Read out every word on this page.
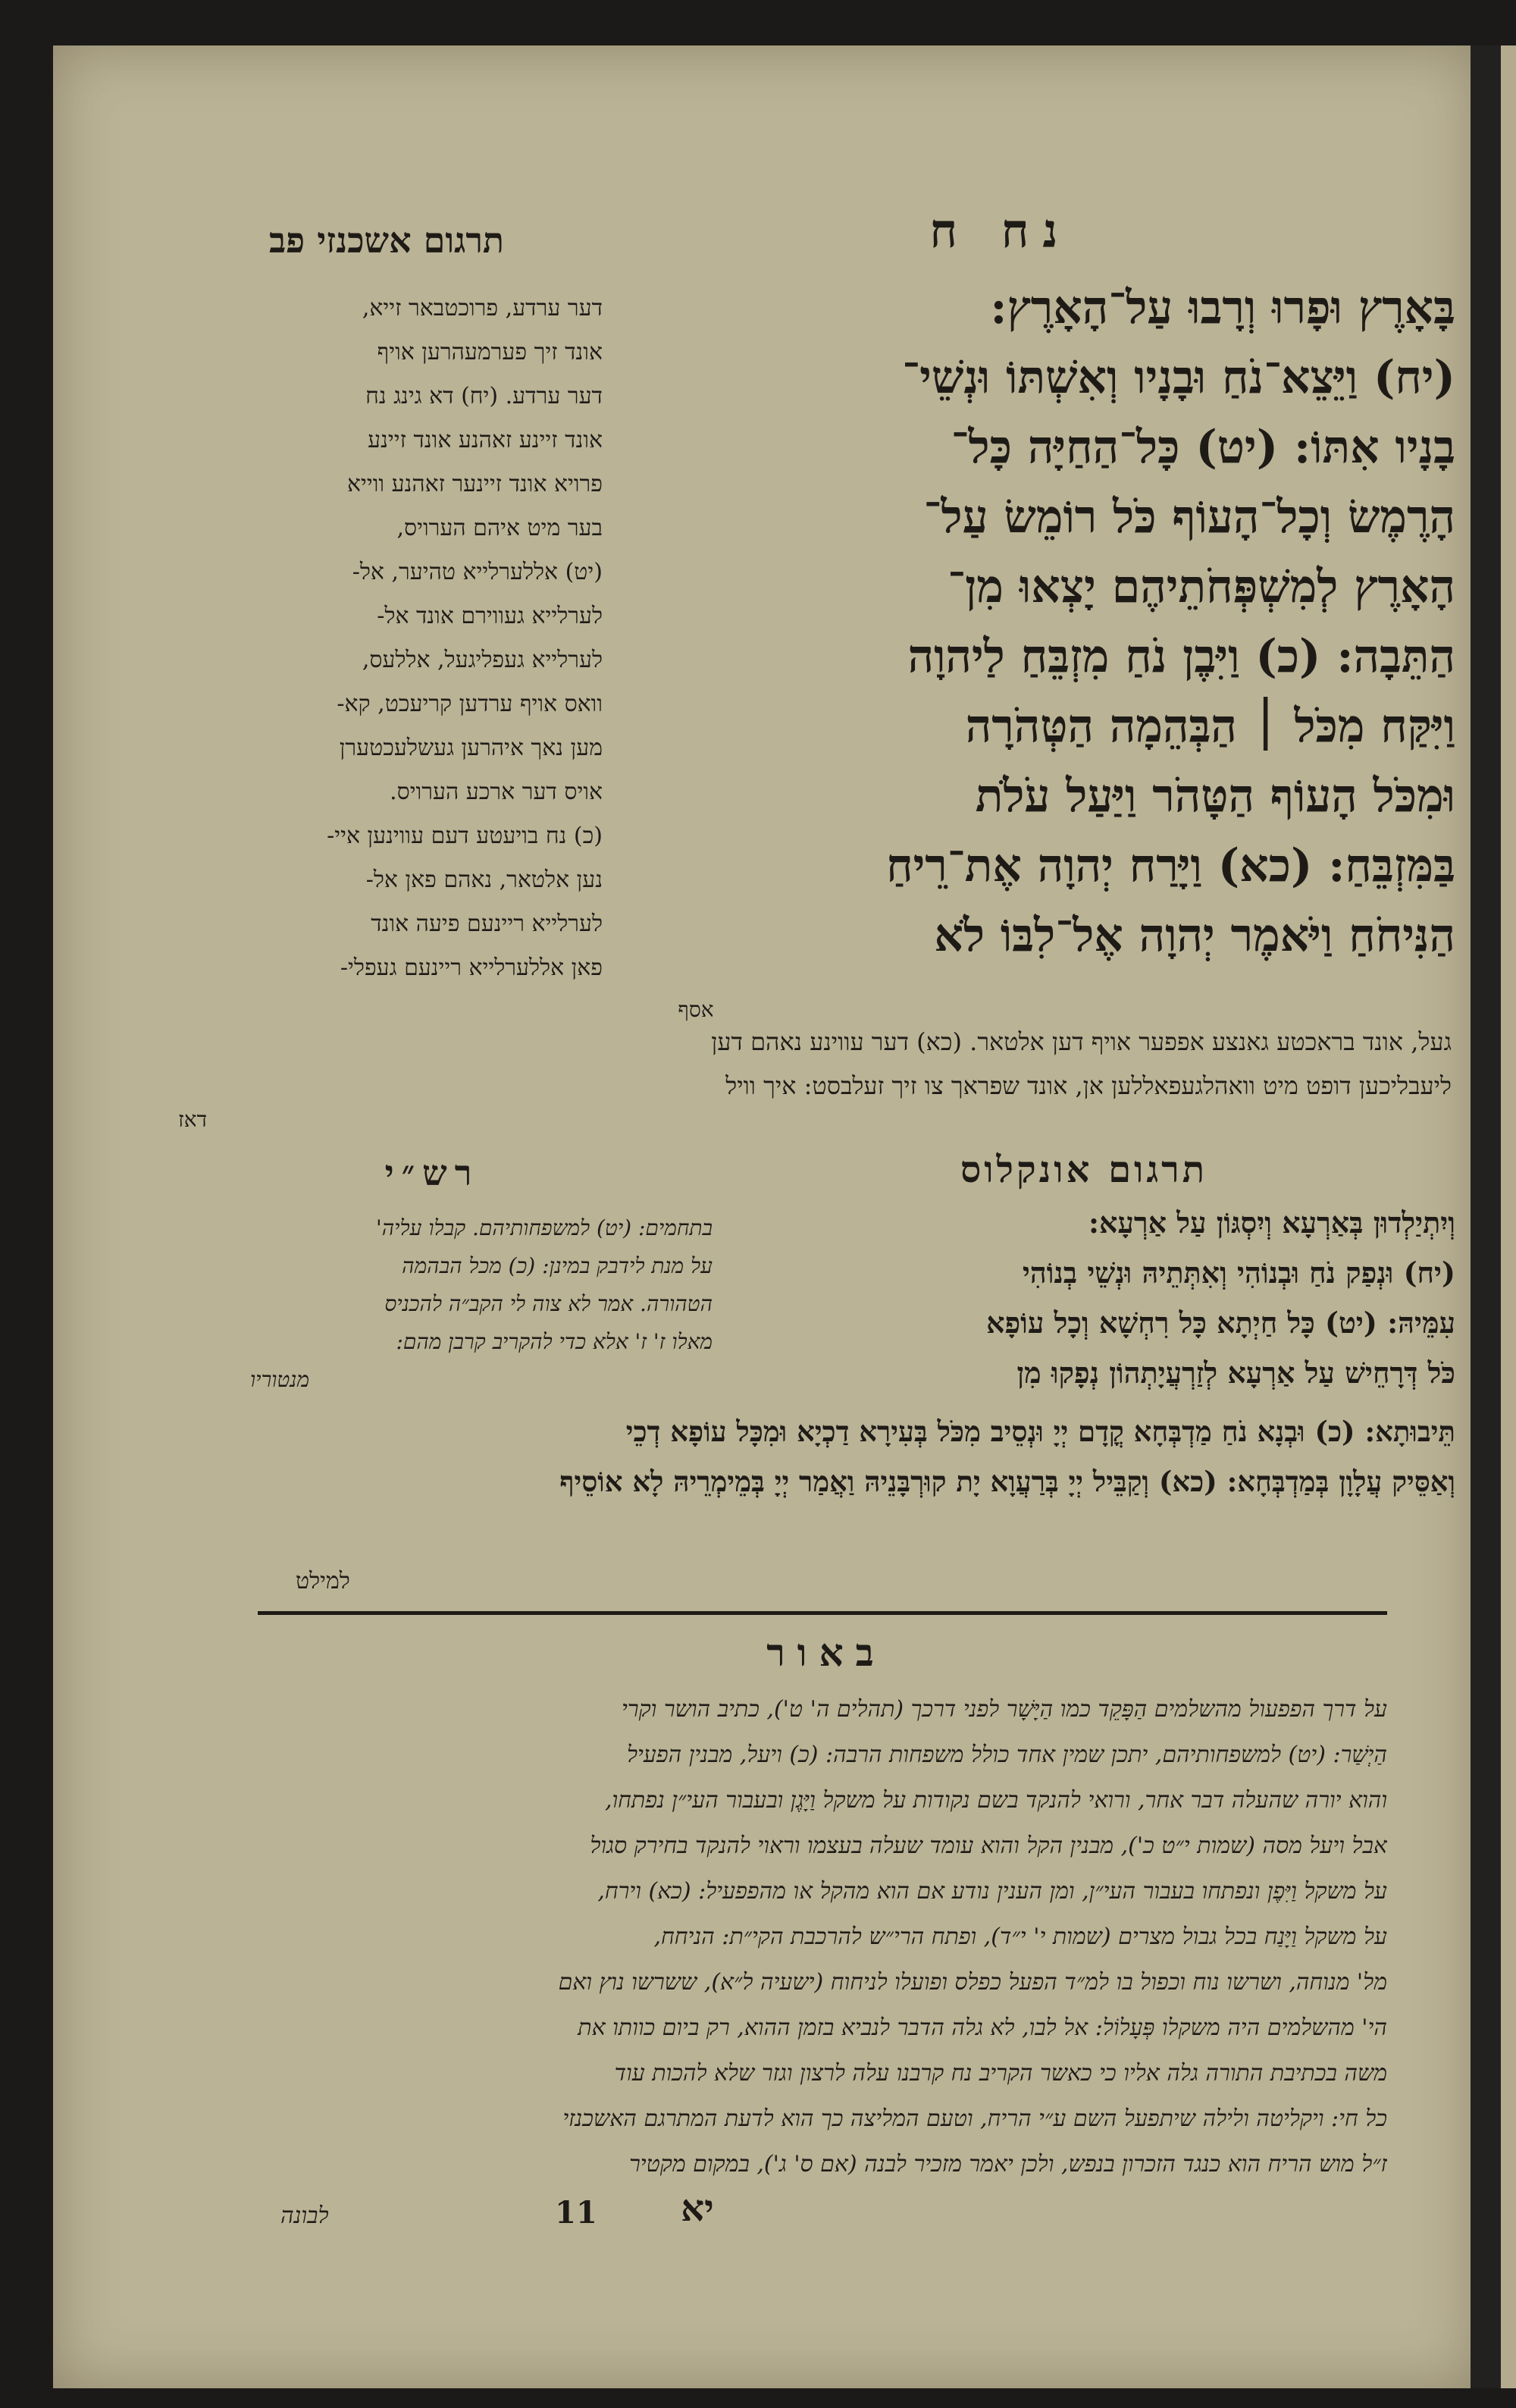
תרגום אשכנזי פב	נח ח
בָּאָרֶץ וּפָרוּ וְרָבוּ עַל־הָאָרֶץ:
(יח) וַיֵּצֵא־נֹחַ וּבָנָיו וְאִשְׁתּוֹ וּנְשֵׁי־
בָנָיו אִתּוֹ: (יט) כָּל־הַחַיָּה כָּל־
הָרֶמֶשׂ וְכָל־הָעוֹף כֹּל רוֹמֵשׂ עַל־
הָאָרֶץ לְמִשְׁפְּחֹתֵיהֶם יָצְאוּ מִן־
הַתֵּבָה: (כ) וַיִּבֶן נֹחַ מִזְבֵּחַ לַיהוָה
וַיִּקַּח מִכֹּל ׀ הַבְּהֵמָה הַטְּהֹרָה
וּמִכֹּל הָעוֹף הַטָּהֹר וַיַּעַל עֹלֹת
בַּמִּזְבֵּחַ: (כא) וַיָּרַח יְהוָה אֶת־רֵיחַ
הַנִּיחֹחַ וַיֹּאמֶר יְהוָה אֶל־לִבּוֹ לֹא
אסף
דער ערדע, פרוכטבאר זייא,
אונד זיך פערמעהרען אויף
דער ערדע. (יח) דא גינג נח
אונד זיינע זאהנע אונד זיינע
פרויא אונד זיינער זאהנע ווייא
בער מיט איהם הערויס,
(יט) אללערלייא טהיער, אל-
לערלייא געווירם אונד אל-
לערלייא געפליגעל, אללעס,
וואס אויף ערדען קריעכט, קא-
מען נאך איהרען געשלעכטערן
אויס דער ארכע הערויס.
(כ) נח בויעטע דעם עווינען איי-
נען אלטאר, נאהם פאן אל-
לערלייא ריינעם פיעה אונד
פאן אללערלייא ריינעם געפלי-
געל, אונד בראכטע גאנצע אפפער אויף דען אלטאר. (כא) דער עווינע נאהם דען
ליעבליכען דופט מיט וואהלגעפאללען אן, אונד שפראך צו זיך זעלבסט: איך וויל
דאז
תרגום אונקלוס
וְיִתְיַלְדוּן בְּאַרְעָא וְיִסְגּוֹן עַל אַרְעָא:
(יח) וּנְפַק נֹחַ וּבְנוֹהִי וְאִתְּתֵיהּ וּנְשֵׁי בְנוֹהִי
עִמֵּיהּ: (יט) כָּל חַיְתָא כָּל רִחְשָׁא וְכָל עוֹפָא
כֹּל דְּרָחֵישׁ עַל אַרְעָא לְזַרְעֲיָתְהוֹן נְפָקוּ מִן
תֵּיבוּתָא: (כ) וּבְנָא נֹחַ מַדְבְּחָא קֳדָם יְיָ וּנְסֵיב מִכֹּל בְּעִירָא דַכְיָא וּמִכָּל עוֹפָא דְכֵי
וְאַסֵּיק עֲלָוָן בְּמַדְבְּחָא: (כא) וְקַבֵּיל יְיָ בְּרַעֲוָא יָת קוּרְבָּנֵיהּ וַאֲמַר יְיָ בְּמֵימְרֵיהּ לָא אוֹסֵיף
למילט
רש״י
בתחמים: (יט) למשפחותיהם. קבלו עליה'
על מנת לידבק במינן: (כ) מכל הבהמה
הטהורה. אמר לא צוה לי הקב״ה להכניס
מאלו ז' ז' אלא כדי להקריב קרבן מהם:
מנטוריו
באור
על דרך הפפעול מהשלמים הַפָּקֵד כמו הַיָּשָׁר לפני דרכך (תהלים ה' ט'), כתיב הושר וקרי
הַיְשַׁר: (יט) למשפחותיהם, יתכן שמין אחד כולל משפחות הרבה: (כ) ויעל, מבנין הפעיל
והוא יורה שהעלה דבר אחר, ורואי להנקד בשם נקודות על משקל וַיָּגֶן ובעבור העי״ן נפתחו,
אבל ויעל מסה (שמות י״ט כ'), מבנין הקל והוא עומד שעלה בעצמו וראוי להנקד בחירק סגול
על משקל וַיִּפֶן ונפתחו בעבור העי״ן, ומן הענין נודע אם הוא מהקל או מהפפעיל: (כא) וירח,
על משקל וַיָּנַח בכל גבול מצרים (שמות י' י״ד), ופתח הרי״ש להרכבת הקי״ת: הניחח,
מל' מנוחה, ושרשו נוח וכפול בו למ״ד הפעל כפלס ופועלו לניחוח (ישעיה ל״א), ששרשו נוץ ואם
הי' מהשלמים היה משקלו פְּעָלוֹל: אל לבו, לא גלה הדבר לנביא בזמן ההוא, רק ביום כוותו את
משה בכתיבת התורה גלה אליו כי כאשר הקריב נח קרבנו עלה לרצון וגזר שלא להכות עוד
כל חי: ויקליטה ולילה שיתפעל השם ע״י הריח, וטעם המליצה כך הוא לדעת המתרגם האשכנזי
ז״ל מוש הריח הוא כנגד הזכרון בנפש, ולכן יאמר מזכיר לבנה (אם ס' ג'), במקום מקטיר
לבונה	11	יא
